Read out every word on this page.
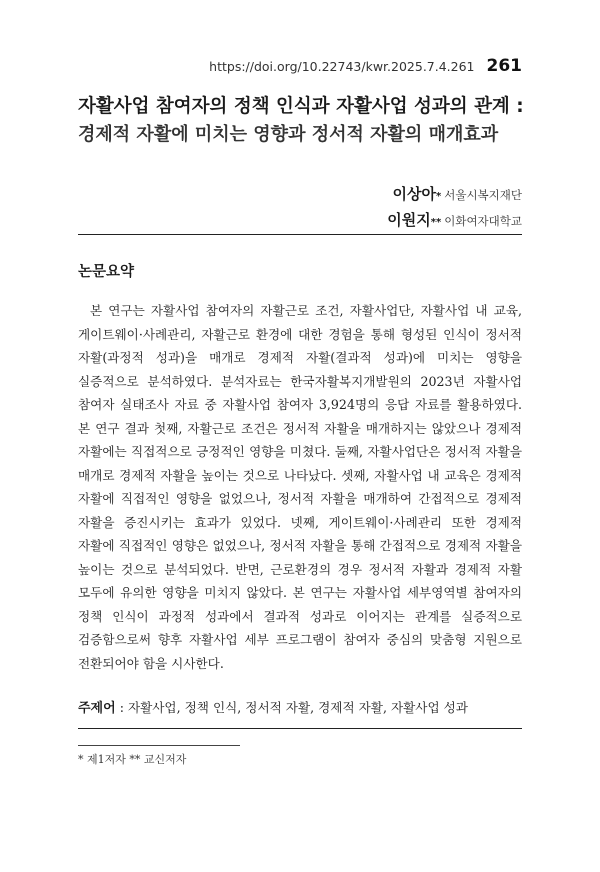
https://doi.org/10.22743/kwr.2025.7.4.261 261
자활사업 참여자의 정책 인식과 자활사업 성과의 관계 :
경제적 자활에 미치는 영향과 정서적 자활의 매개효과
이상아* 서울시복지재단
이원지** 이화여자대학교
논문요약

본 연구는 자활사업 참여자의 자활근로 조건, 자활사업단, 자활사업 내 교육, 게이트웨이·사례관리, 자활근로 환경에 대한 경험을 통해 형성된 인식이 정서적 자활(과정적 성과)을 매개로 경제적 자활(결과적 성과)에 미치는 영향을 실증적으로 분석하였다. 분석자료는 한국자활복지개발원의 2023년 자활사업 참여자 실태조사 자료 중 자활사업 참여자 3,924명의 응답 자료를 활용하였다. 본 연구 결과 첫째, 자활근로 조건은 정서적 자활을 매개하지는 않았으나 경제적 자활에는 직접적으로 긍정적인 영향을 미쳤다. 둘째, 자활사업단은 정서적 자활을 매개로 경제적 자활을 높이는 것으로 나타났다. 셋째, 자활사업 내 교육은 경제적 자활에 직접적인 영향을 없었으나, 정서적 자활을 매개하여 간접적으로 경제적 자활을 증진시키는 효과가 있었다. 넷째, 게이트웨이·사례관리 또한 경제적 자활에 직접적인 영향은 없었으나, 정서적 자활을 통해 간접적으로 경제적 자활을 높이는 것으로 분석되었다. 반면, 근로환경의 경우 정서적 자활과 경제적 자활 모두에 유의한 영향을 미치지 않았다. 본 연구는 자활사업 세부영역별 참여자의 정책 인식이 과정적 성과에서 결과적 성과로 이어지는 관계를 실증적으로 검증함으로써 향후 자활사업 세부 프로그램이 참여자 중심의 맞춤형 지원으로 전환되어야 함을 시사한다.

주제어 : 자활사업, 정책 인식, 정서적 자활, 경제적 자활, 자활사업 성과
* 제1저자 ** 교신저자
